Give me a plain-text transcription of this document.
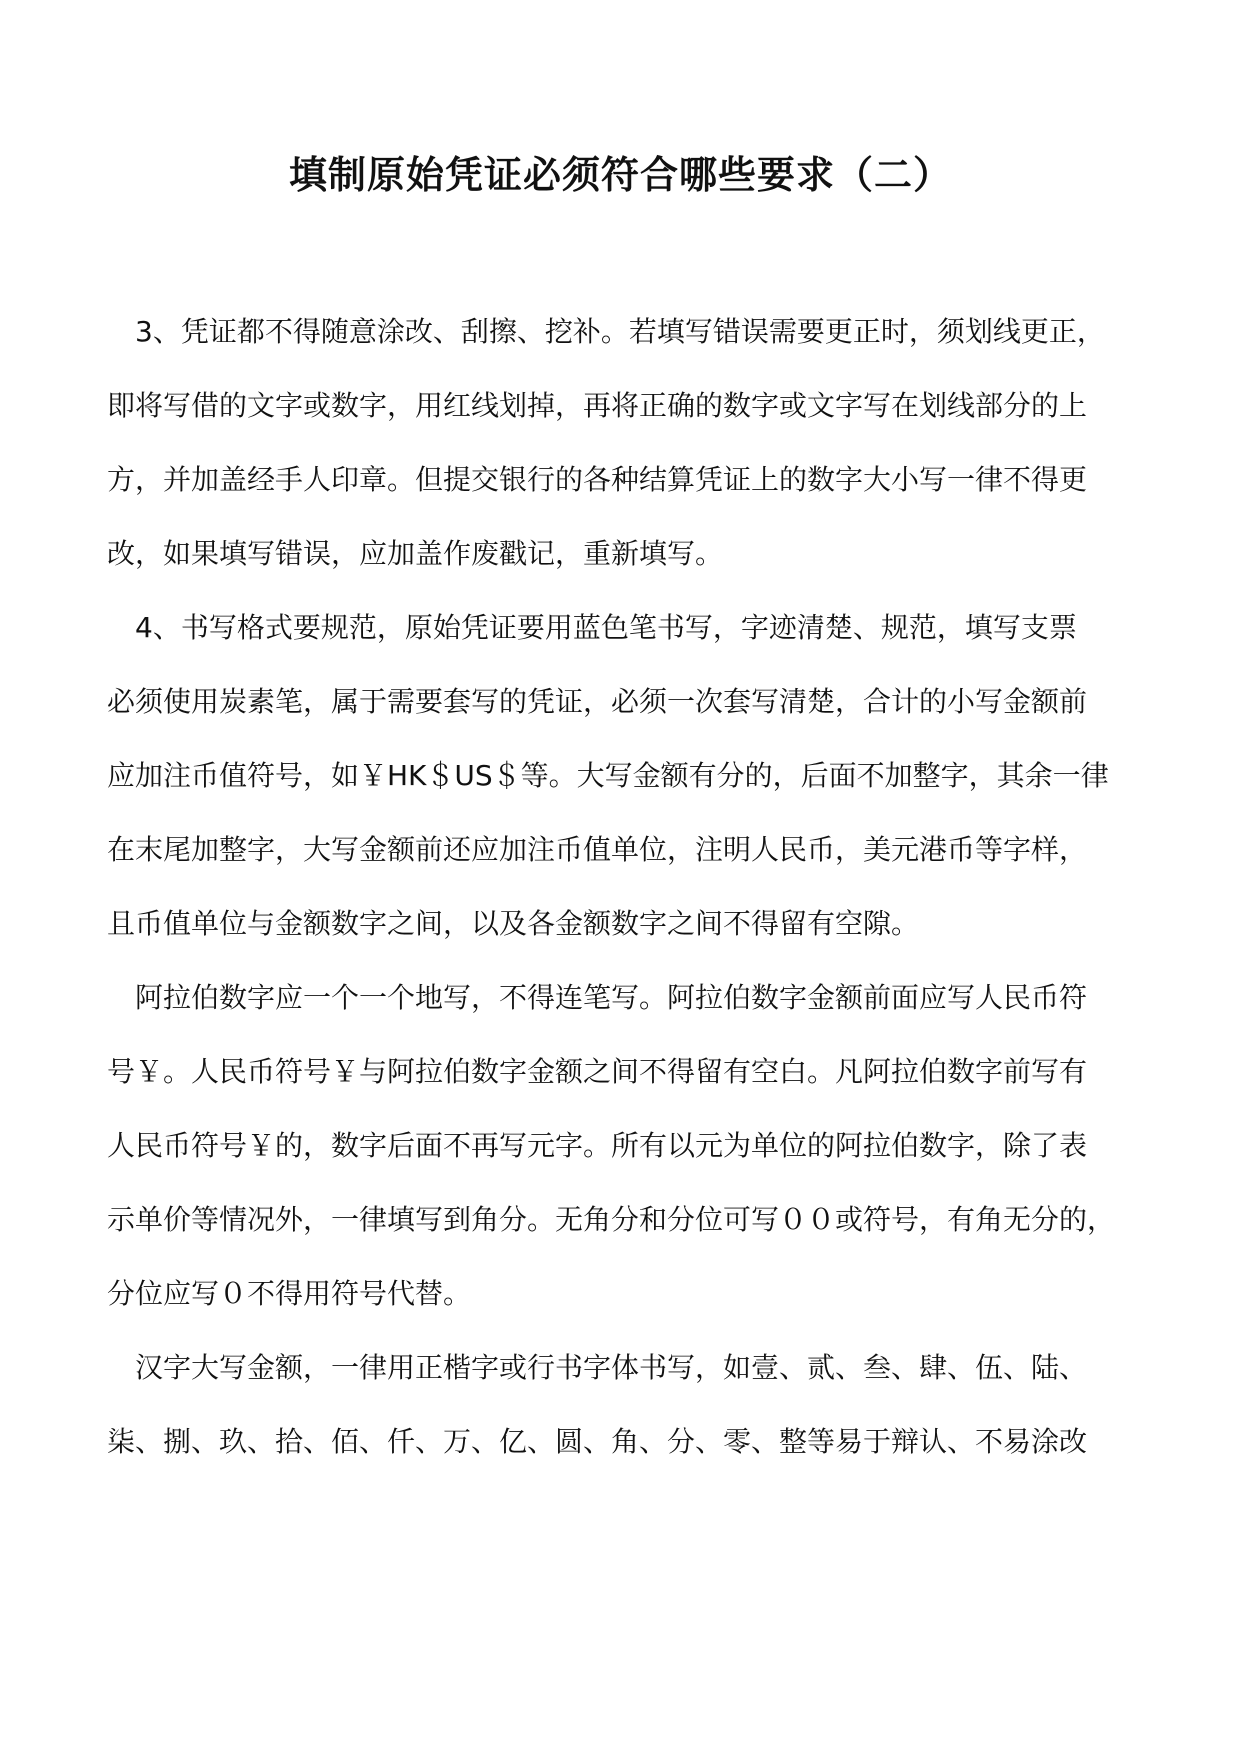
填制原始凭证必须符合哪些要求（二）

　3、凭证都不得随意涂改、刮擦、挖补。若填写错误需要更正时，须划线更正，

即将写借的文字或数字，用红线划掉，再将正确的数字或文字写在划线部分的上

方，并加盖经手人印章。但提交银行的各种结算凭证上的数字大小写一律不得更

改，如果填写错误，应加盖作废戳记，重新填写。

　4、书写格式要规范，原始凭证要用蓝色笔书写，字迹清楚、规范，填写支票

必须使用炭素笔，属于需要套写的凭证，必须一次套写清楚，合计的小写金额前

应加注币值符号，如￥HK＄US＄等。大写金额有分的，后面不加整字，其余一律

在末尾加整字，大写金额前还应加注币值单位，注明人民币，美元港币等字样，

且币值单位与金额数字之间，以及各金额数字之间不得留有空隙。

　阿拉伯数字应一个一个地写，不得连笔写。阿拉伯数字金额前面应写人民币符

号￥。人民币符号￥与阿拉伯数字金额之间不得留有空白。凡阿拉伯数字前写有

人民币符号￥的，数字后面不再写元字。所有以元为单位的阿拉伯数字，除了表

示单价等情况外，一律填写到角分。无角分和分位可写００或符号，有角无分的，

分位应写０不得用符号代替。

　汉字大写金额，一律用正楷字或行书字体书写，如壹、贰、叁、肆、伍、陆、

柒、捌、玖、拾、佰、仟、万、亿、圆、角、分、零、整等易于辩认、不易涂改
